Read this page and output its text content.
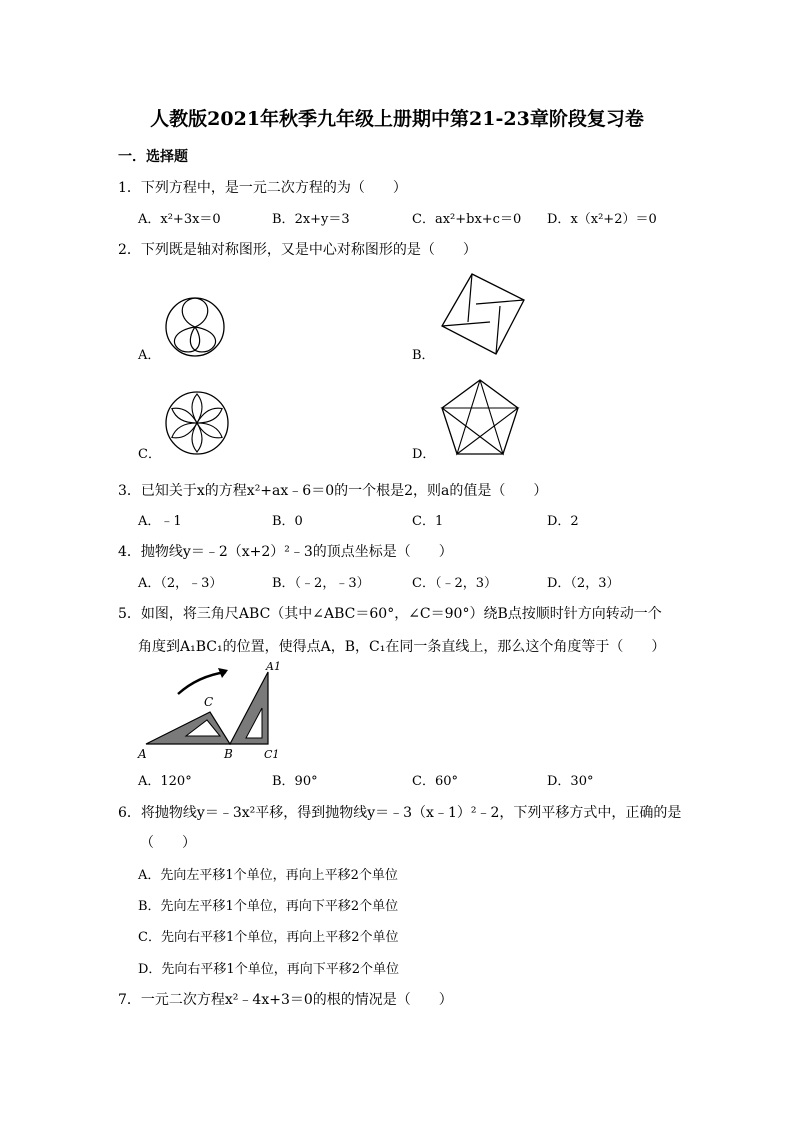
人教版2021年秋季九年级上册期中第21-23章阶段复习卷
一．选择题
1．下列方程中，是一元二次方程的为（　　）
A．x²+3x＝0	B．2x+y＝3	C．ax²+bx+c＝0 D．x（x²+2）＝0
2．下列既是轴对称图形，又是中心对称图形的是（　　）
A．	B．
C．	D．
3．已知关于x的方程x²+ax﹣6＝0的一个根是2，则a的值是（　　）
A．﹣1	B．0	C．1	D．2
4．抛物线y＝﹣2（x+2）²﹣3的顶点坐标是（　　）
A．（2，﹣3）	B．（﹣2，﹣3）	C．（﹣2，3）	D．（2，3）
5．如图，将三角尺ABC（其中∠ABC＝60°，∠C＝90°）绕B点按顺时针方向转动一个
角度到A₁BC₁的位置，使得点A，B，C₁在同一条直线上，那么这个角度等于（　　）
A	B
C
A1
C1
A．120°	B．90°	C．60°	D．30°
6．将抛物线y＝﹣3x²平移，得到抛物线y＝﹣3（x﹣1）²﹣2，下列平移方式中，正确的是
（　　）
A．先向左平移1个单位，再向上平移2个单位
B．先向左平移1个单位，再向下平移2个单位
C．先向右平移1个单位，再向上平移2个单位
D．先向右平移1个单位，再向下平移2个单位
7．一元二次方程x²﹣4x+3＝0的根的情况是（　　）
